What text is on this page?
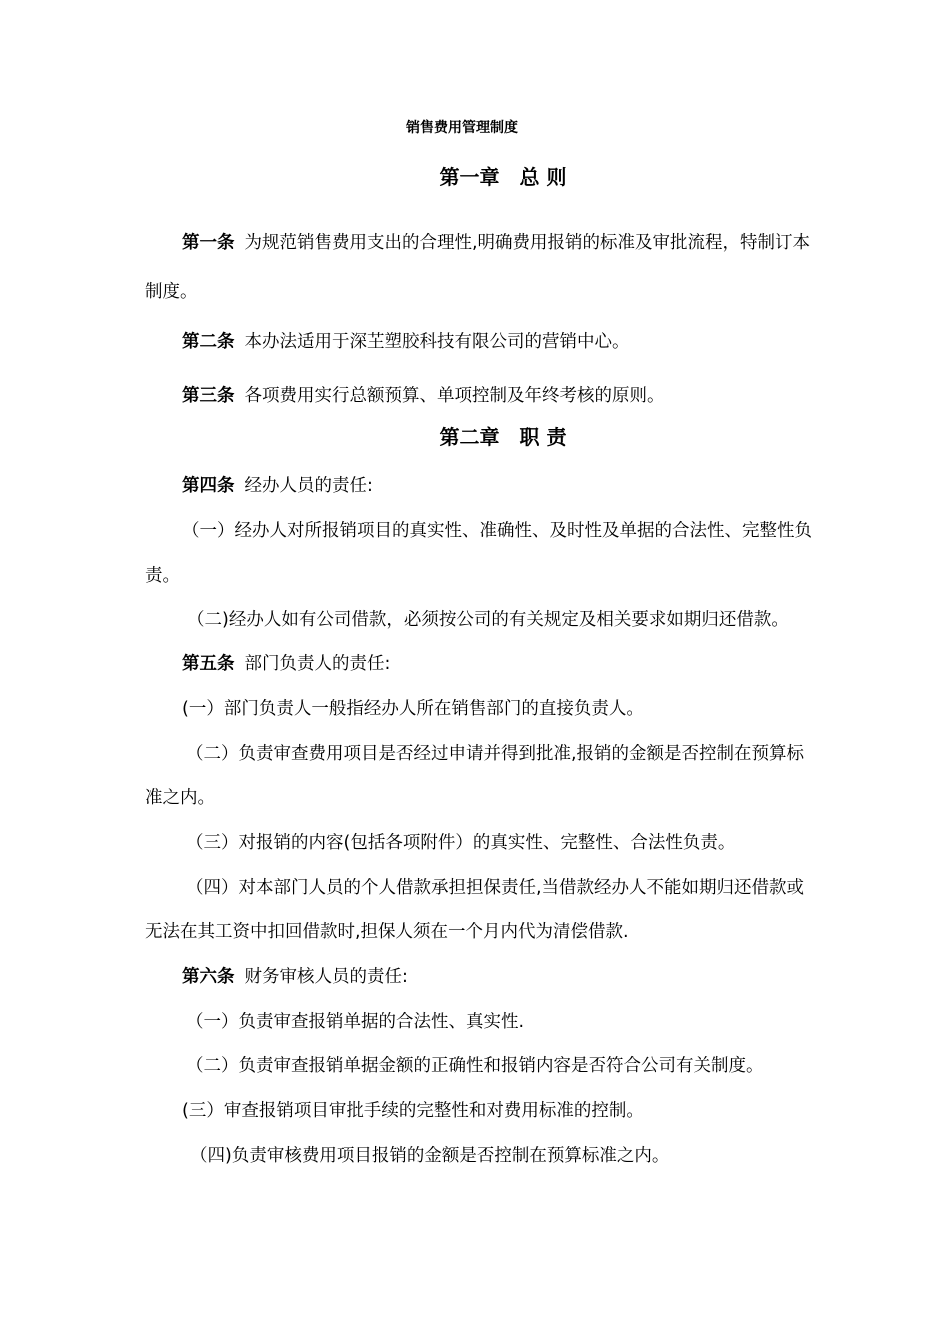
销售费用管理制度
第一章　总 则
第一条 为规范销售费用支出的合理性,明确费用报销的标准及审批流程，特制订本
制度。
第二条 本办法适用于深芏塑胶科技有限公司的营销中心。
第三条 各项费用实行总额预算、单项控制及年终考核的原则。
第二章　职 责
第四条 经办人员的责任:
（一）经办人对所报销项目的真实性、准确性、及时性及单据的合法性、完整性负
责。
（二)经办人如有公司借款，必须按公司的有关规定及相关要求如期归还借款。
第五条 部门负责人的责任:
(一）部门负责人一般指经办人所在销售部门的直接负责人。
（二）负责审查费用项目是否经过申请并得到批准,报销的金额是否控制在预算标
准之内。
（三）对报销的内容(包括各项附件）的真实性、完整性、合法性负责。
（四）对本部门人员的个人借款承担担保责任,当借款经办人不能如期归还借款或
无法在其工资中扣回借款时,担保人须在一个月内代为清偿借款.
第六条 财务审核人员的责任:
（一）负责审查报销单据的合法性、真实性.
（二）负责审查报销单据金额的正确性和报销内容是否符合公司有关制度。
(三）审查报销项目审批手续的完整性和对费用标准的控制。
（四)负责审核费用项目报销的金额是否控制在预算标准之内。
